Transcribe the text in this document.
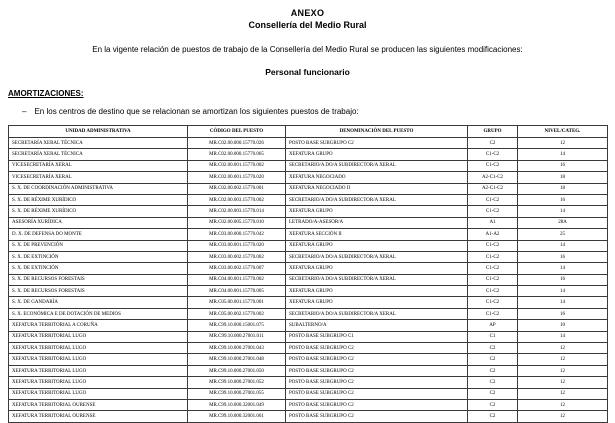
ANEXO
Consellería del Medio Rural
En la vigente relación de puestos de trabajo de la Consellería del Medio Rural se producen las siguientes modificaciones:
Personal funcionario
AMORTIZACIONES:
– En los centros de destino que se relacionan se amortizan los siguientes puestos de trabajo:
UNIDAD ADMINISTRATIVA	CÓDIGO DEL PUESTO	DENOMINACIÓN DEL PUESTO	GRUPO	NIVEL/CATEG.
SECRETARÍA XERAL TÉCNICA	MR.C02.00.000.15770.026	POSTO BASE SUBGRUPO C2	C2	12
SECRETARÍA XERAL TÉCNICA	MR.C02.00.000.15770.065	XEFATURA GRUPO	C1-C2	14
VICESECRETARÍA XERAL	MR.C02.00.001.15770.002	SECRETARIO/A DO/A SUBDIRECTOR/A XERAL	C1-C2	16
VICESECRETARÍA XERAL	MR.C02.00.001.15770.020	XEFATURA NEGOCIADO	A2-C1-C2	18
S. X. DE COORDINACIÓN ADMINISTRATIVA	MR.C02.00.002.15770.001	XEFATURA NEGOCIADO II	A2-C1-C2	18
S. X. DE RÉXIME XURÍDICO	MR.C02.00.003.15770.002	SECRETARIO/A DO/A SUBDIRECTOR/A XERAL	C1-C2	16
S. X. DE RÉXIME XURÍDICO	MR.C02.00.003.15770.014	XEFATURA GRUPO	C1-C2	14
ASESORÍA XURÍDICA	MR.C02.00.005.15770.010	LETRADO/A-ASESOR/A	A1	28A
D. X. DE DEFENSA DO MONTE	MR.C03.00.000.15770.042	XEFATURA SECCIÓN II	A1-A2	25
S. X. DE PREVENCIÓN	MR.C03.00.001.15770.020	XEFATURA GRUPO	C1-C2	14
S. X. DE EXTINCIÓN	MR.C03.00.002.15770.002	SECRETARIO/A DO/A SUBDIRECTOR/A XERAL	C1-C2	16
S. X. DE EXTINCIÓN	MR.C03.00.002.15770.007	XEFATURA GRUPO	C1-C2	14
S. X. DE RECURSOS FORESTAIS	MR.C04.00.001.15770.002	SECRETARIO/A DO/A SUBDIRECTOR/A XERAL	C1-C2	16
S. X. DE RECURSOS FORESTAIS	MR.C04.00.001.15770.005	XEFATURA GRUPO	C1-C2	14
S. X. DE GANDARÍA	MR.C05.00.001.15770.001	XEFATURA GRUPO	C1-C2	14
S. X. ECONÓMICA E DE DOTACIÓN DE MEDIOS	MR.C05.00.002.15770.002	SECRETARIO/A DO/A SUBDIRECTOR/A XERAL	C1-C2	16
XEFATURA TERRITORIAL A CORUÑA	MR.C99.10.000.15001.075	SUBALTERNO/A	AP	10
XEFATURA TERRITORIAL LUGO	MR.C99.10.000.27001.011	POSTO BASE SUBGRUPO C1	C1	14
XEFATURA TERRITORIAL LUGO	MR.C99.10.000.27001.043	POSTO BASE SUBGRUPO C2	C2	12
XEFATURA TERRITORIAL LUGO	MR.C99.10.000.27001.048	POSTO BASE SUBGRUPO C2	C2	12
XEFATURA TERRITORIAL LUGO	MR.C99.10.000.27001.050	POSTO BASE SUBGRUPO C2	C2	12
XEFATURA TERRITORIAL LUGO	MR.C99.10.000.27001.052	POSTO BASE SUBGRUPO C2	C2	12
XEFATURA TERRITORIAL LUGO	MR.C99.10.000.27001.055	POSTO BASE SUBGRUPO C2	C2	12
XEFATURA TERRITORIAL OURENSE	MR.C99.10.000.32001.049	POSTO BASE SUBGRUPO C2	C2	12
XEFATURA TERRITORIAL OURENSE	MR.C99.10.000.32001.061	POSTO BASE SUBGRUPO C2	C2	12
